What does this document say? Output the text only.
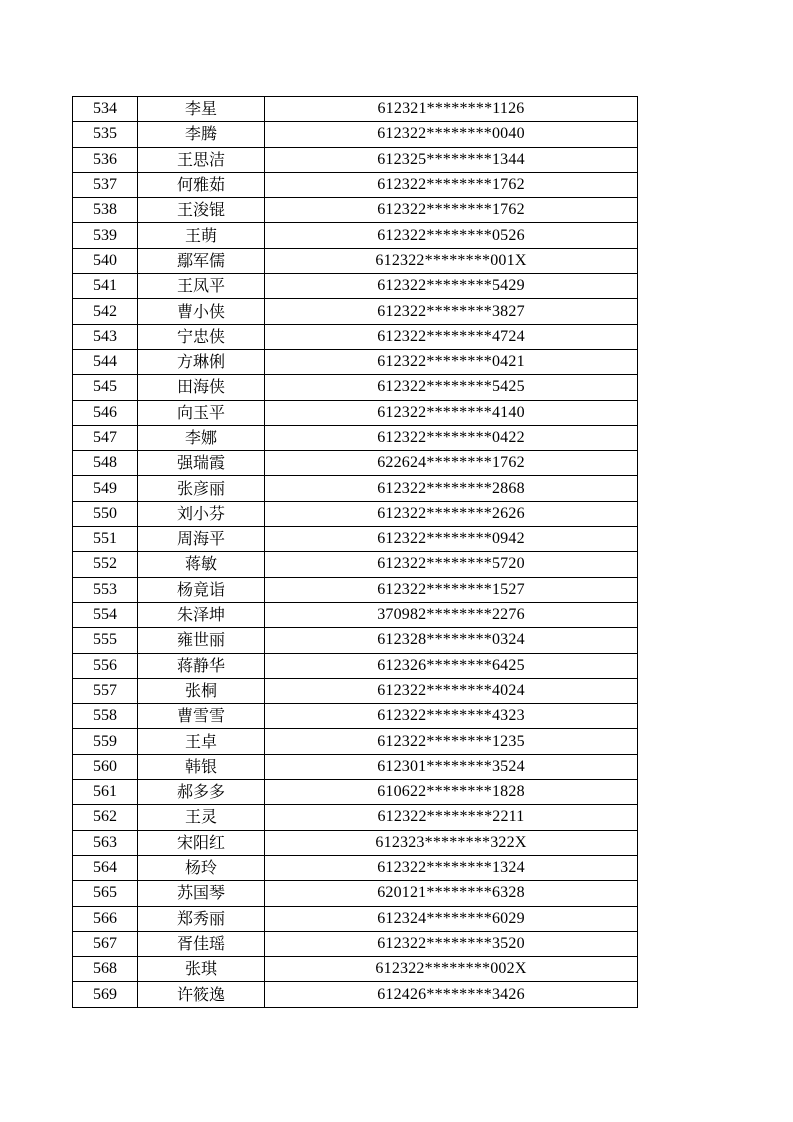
534	李星	612321********1126
535	李腾	612322********0040
536	王思洁	612325********1344
537	何雅茹	612322********1762
538	王浚锟	612322********1762
539	王萌	612322********0526
540	鄢军儒	612322********001X
541	王凤平	612322********5429
542	曹小侠	612322********3827
543	宁忠侠	612322********4724
544	方琳俐	612322********0421
545	田海侠	612322********5425
546	向玉平	612322********4140
547	李娜	612322********0422
548	强瑞霞	622624********1762
549	张彦丽	612322********2868
550	刘小芬	612322********2626
551	周海平	612322********0942
552	蒋敏	612322********5720
553	杨竟诣	612322********1527
554	朱泽坤	370982********2276
555	雍世丽	612328********0324
556	蒋静华	612326********6425
557	张桐	612322********4024
558	曹雪雪	612322********4323
559	王卓	612322********1235
560	韩银	612301********3524
561	郝多多	610622********1828
562	王灵	612322********2211
563	宋阳红	612323********322X
564	杨玲	612322********1324
565	苏国琴	620121********6328
566	郑秀丽	612324********6029
567	胥佳瑶	612322********3520
568	张琪	612322********002X
569	许筱逸	612426********3426
